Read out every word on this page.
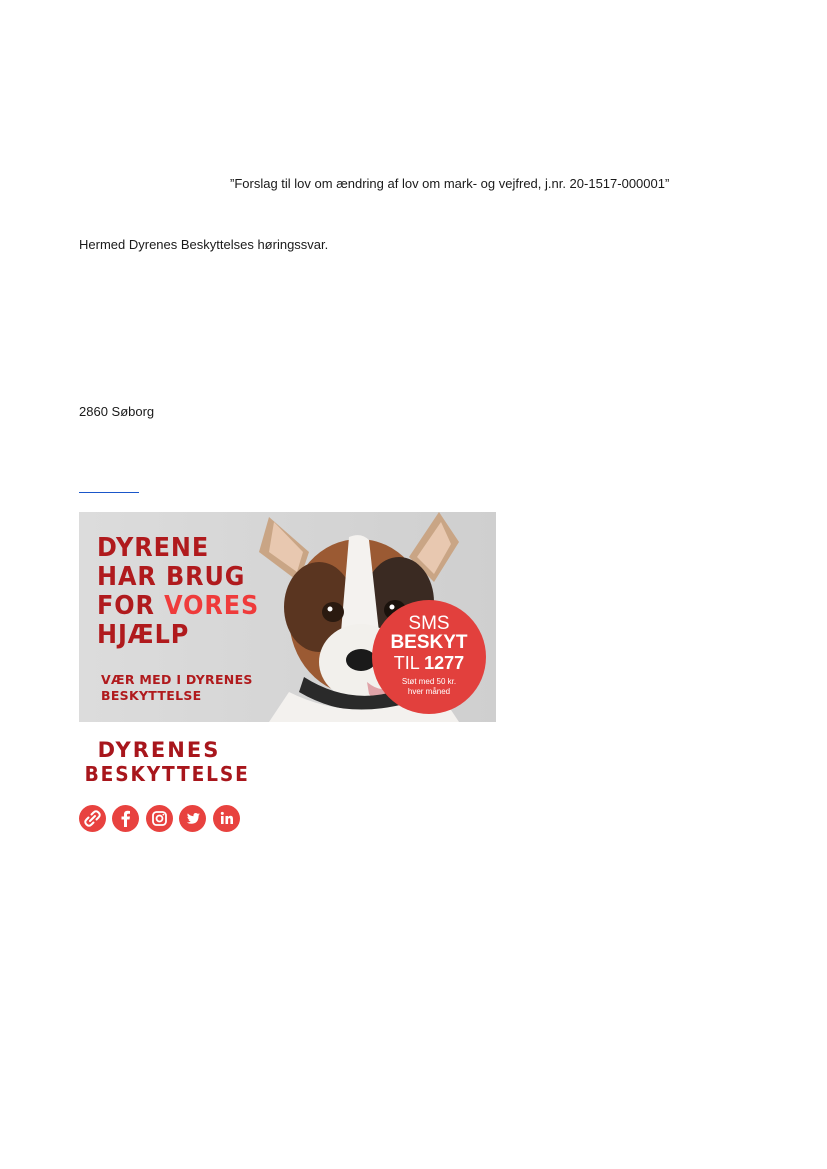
”Forslag til lov om ændring af lov om mark- og vejfred, j.nr. 20-1517-000001”
Hermed Dyrenes Beskyttelses høringssvar.
2860 Søborg
DYRENE
HAR BRUG
FOR VORES
HJÆLP
VÆR MED I DYRENES
BESKYTTELSE
SMS
BESKYT
TIL 1277
Støt med 50 kr.
hver måned
DYRENES
BESKYTTELSE
